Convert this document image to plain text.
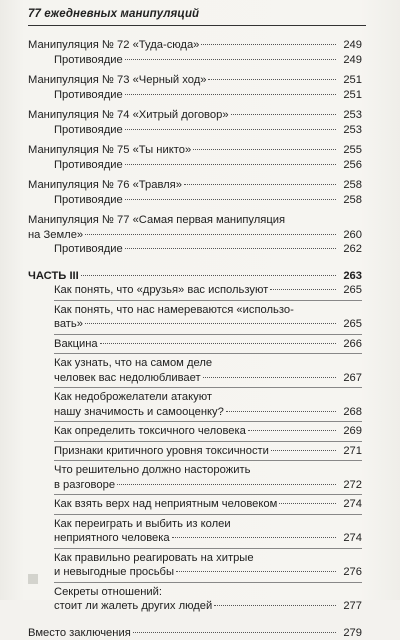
77 ежедневных манипуляций
Манипуляция № 72 «Туда-сюда»	249
Противоядие	249
Манипуляция № 73 «Черный ход»	251
Противоядие	251
Манипуляция № 74 «Хитрый договор»	253
Противоядие	253
Манипуляция № 75 «Ты никто»	255
Противоядие	256
Манипуляция № 76 «Травля»	258
Противоядие	258
Манипуляция № 77 «Самая первая манипуляция
на Земле»	260
Противоядие	262
ЧАСТЬ III	263
Как понять, что «друзья» вас используют	265
Как понять, что нас намереваются «использо-
вать»	265
Вакцина	266
Как узнать, что на самом деле
человек вас недолюбливает	267
Как недоброжелатели атакуют
нашу значимость и самооценку?	268
Как определить токсичного человека	269
Признаки критичного уровня токсичности	271
Что решительно должно насторожить
в разговоре	272
Как взять верх над неприятным человеком	274
Как переиграть и выбить из колеи
неприятного человека	274
Как правильно реагировать на хитрые
и невыгодные просьбы	276
Секреты отношений:
стоит ли жалеть других людей	277
Вместо заключения	279
